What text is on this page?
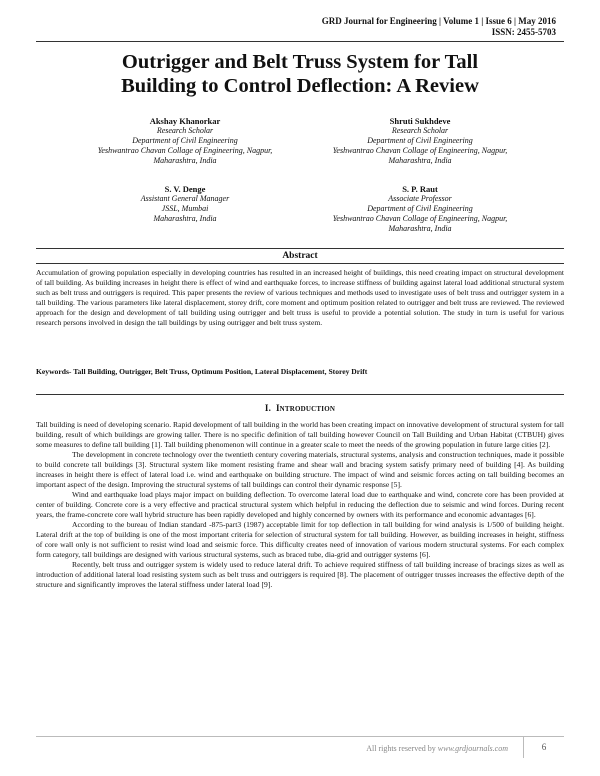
GRD Journal for Engineering | Volume 1 | Issue 6 | May 2016
ISSN: 2455-5703
Outrigger and Belt Truss System for Tall
Building to Control Deflection: A Review
Akshay Khanorkar
Research Scholar
Department of Civil Engineering
Yeshwantrao Chavan Collage of Engineering, Nagpur,
Maharashtra, India
Shruti Sukhdeve
Research Scholar
Department of Civil Engineering
Yeshwantrao Chavan Collage of Engineering, Nagpur,
Maharashtra, India
S. V. Denge
Assistant General Manager
JSSL, Mumbai
Maharashtra, India
S. P. Raut
Associate Professor
Department of Civil Engineering
Yeshwantrao Chavan Collage of Engineering, Nagpur,
Maharashtra, India
Abstract
Accumulation of growing population especially in developing countries has resulted in an increased height of buildings, this need creating impact on structural development of tall building. As building increases in height there is effect of wind and earthquake forces, to increase stiffness of building against lateral load additional structural system such as belt truss and outriggers is required. This paper presents the review of various techniques and methods used to investigate uses of belt truss and outrigger system in a tall building. The various parameters like lateral displacement, storey drift, core moment and optimum position related to outrigger and belt truss are reviewed. The reviewed approach for the design and development of tall building using outrigger and belt truss is useful to provide a potential solution. The study in turn is useful for various research persons involved in design the tall buildings by using outrigger and belt truss system.
Keywords- Tall Building, Outrigger, Belt Truss, Optimum Position, Lateral Displacement, Storey Drift
I. INTRODUCTION

Tall building is need of developing scenario. Rapid development of tall building in the world has been creating impact on innovative development of structural system for tall building, result of which buildings are growing taller. There is no specific definition of tall building however Council on Tall Building and Urban Habitat (CTBUH) gives some measures to define tall building [1]. Tall building phenomenon will continue in a greater scale to meet the needs of the growing population in future large cities [2].

The development in concrete technology over the twentieth century covering materials, structural systems, analysis and construction techniques, made it possible to build concrete tall buildings [3]. Structural system like moment resisting frame and shear wall and bracing system satisfy primary need of building [4]. As building increases in height there is effect of lateral load i.e. wind and earthquake on building structure. The impact of wind and seismic forces acting on tall building becomes an important aspect of the design. Improving the structural systems of tall buildings can control their dynamic response [5].

Wind and earthquake load plays major impact on building deflection. To overcome lateral load due to earthquake and wind, concrete core has been provided at center of building. Concrete core is a very effective and practical structural system which helpful in reducing the deflection due to seismic and wind forces. During recent years, the frame-concrete core wall hybrid structure has been rapidly developed and highly concerned by owners with its performance and economic advantages [6].

According to the bureau of Indian standard -875-part3 (1987) acceptable limit for top deflection in tall building for wind analysis is 1/500 of building height. Lateral drift at the top of building is one of the most important criteria for selection of structural system for tall building. However, as building increases in height, stiffness of core wall only is not sufficient to resist wind load and seismic force. This difficulty creates need of innovation of various modern structural systems. For each complex form category, tall buildings are designed with various structural systems, such as braced tube, dia-grid and outrigger systems [6].

Recently, belt truss and outrigger system is widely used to reduce lateral drift. To achieve required stiffness of tall building increase of bracings sizes as well as introduction of additional lateral load resisting system such as belt truss and outriggers is required [8]. The placement of outrigger trusses increases the effective depth of the structure and significantly improves the lateral stiffness under lateral load [9].

All rights reserved by www.grdjournals.com	6
